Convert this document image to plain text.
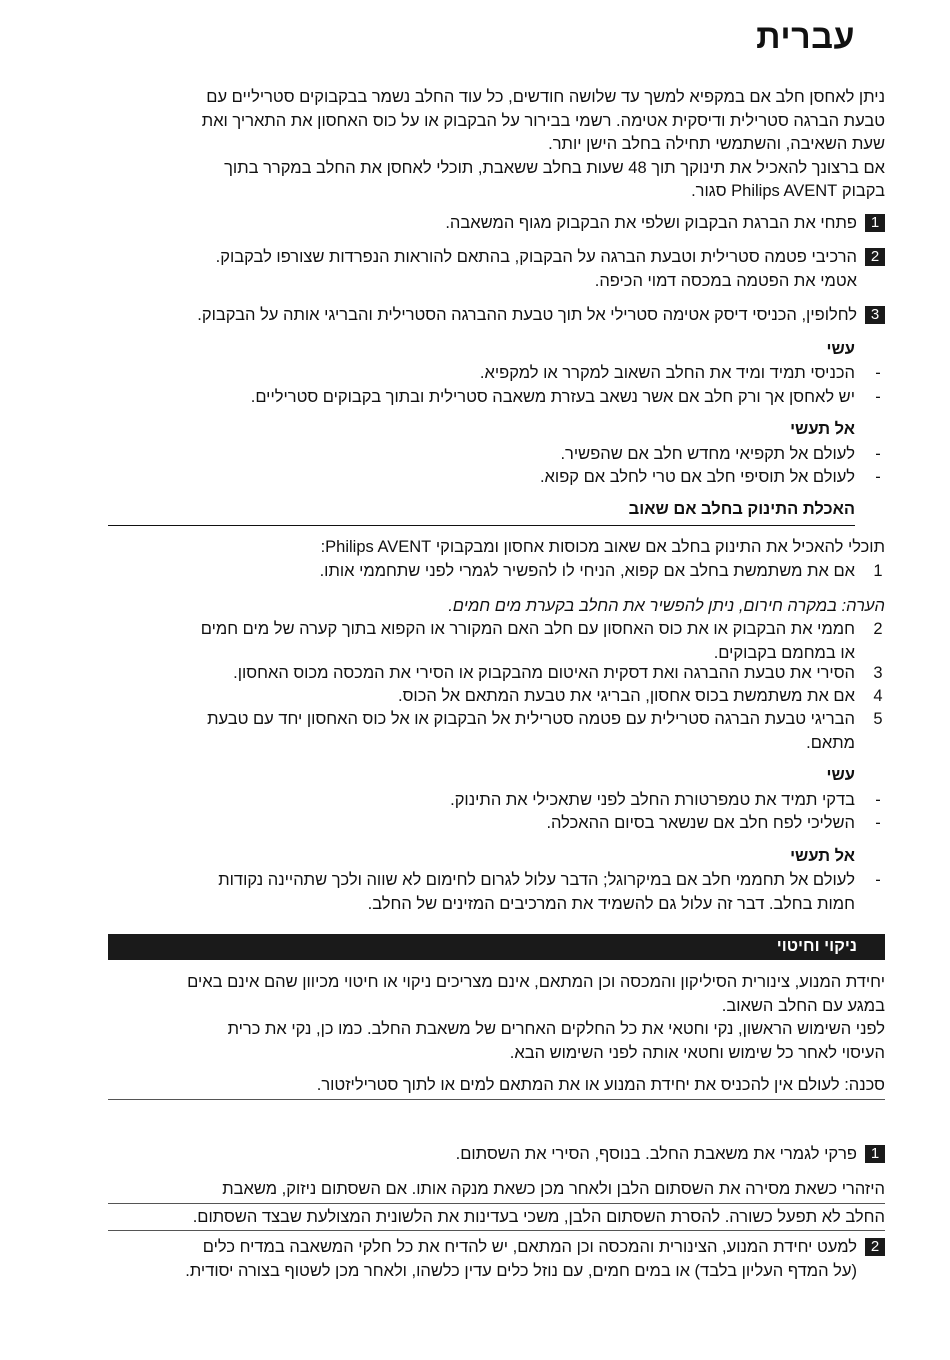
עברית

ניתן לאחסן חלב אם במקפיא למשך עד שלושה חודשים, כל עוד החלב נשמר בבקבוקים סטריליים עם

טבעת הברגה סטרילית ודיסקית אטימה. רשמי בבירור על הבקבוק או על כוס האחסון את התאריך ואת

שעת השאיבה, והשתמשי תחילה בחלב הישן יותר.

אם ברצונך להאכיל את תינוקך תוך 48 שעות בחלב ששאבת, תוכלי לאחסן את החלב במקרר בתוך

בקבוק Philips AVENT סגור.

1

פתחי את הברגת הבקבוק ושלפי את הבקבוק מגוף המשאבה.

2

הרכיבי פטמה סטרילית וטבעת הברגה על הבקבוק, בהתאם להוראות הנפרדות שצורפו לבקבוק.

אטמי את הפטמה במכסה דמוי הכיפה.

3

לחלופין, הכניסי דיסק אטימה סטרילי אל תוך טבעת ההברגה הסטרילית והבריגי אותה על הבקבוק.

עשי
-
הכניסי תמיד ומיד את החלב השאוב למקרר או למקפיא.
-
יש לאחסן אך ורק חלב אם אשר נשאב בעזרת משאבה סטרילית ובתוך בקבוקים סטריליים.
אל תעשי
-
לעולם אל תקפיאי מחדש חלב אם שהפשיר.
-
לעולם אל תוסיפי חלב אם טרי לחלב אם קפוא.
האכלת התינוק בחלב אם שאוב
תוכלי להאכיל את התינוק בחלב אם שאוב מכוסות אחסון ומבקבוקי Philips AVENT:
1
אם את משתמשת בחלב אם קפוא, הניחי לו להפשיר לגמרי לפני שתחממי אותו.
הערה: במקרה חירום, ניתן להפשיר את החלב בקערת מים חמים.
2

חממי את הבקבוק או את כוס האחסון עם חלב האם המקורר או הקפוא בתוך קערה של מים חמים

או במחמם בקבוקים.

3
הסירי את טבעת ההברגה ואת דסקית האיטום מהבקבוק או הסירי את המכסה מכוס האחסון.
4
אם את משתמשת בכוס אחסון, הבריגי את טבעת המתאם אל הכוס.
5

הבריגי טבעת הברגה סטרילית עם פטמה סטרילית אל הבקבוק או אל כוס האחסון יחד עם טבעת

מתאם.

עשי
-
בדקי תמיד את טמפרטורת החלב לפני שתאכילי את התינוק.
-
השליכי לפח חלב אם שנשאר בסיום ההאכלה.
אל תעשי
-

לעולם אל תחממי חלב אם במיקרוגל; הדבר עלול לגרום לחימום לא שווה ולכך שתהיינה נקודות

חמות בחלב. דבר זה עלול גם להשמיד את המרכיבים המזינים של החלב.

ניקוי וחיטוי

יחידת המנוע, צינורית הסיליקון והמכסה וכן המתאם, אינם מצריכים ניקוי או חיטוי מכיוון שהם אינם באים

במגע עם החלב השאוב.

לפני השימוש הראשון, נקי וחטאי את כל החלקים האחרים של משאבת החלב. כמו כן, נקי את כרית

העיסוי לאחר כל שימוש וחטאי אותה לפני השימוש הבא.

סכנה: לעולם אין להכניס את יחידת המנוע או את המתאם למים או לתוך סטריליזטור.
1
פרקי לגמרי את משאבת החלב. בנוסף, הסירי את השסתום.
היזהרי כשאת מסירה את השסתום הלבן ולאחר מכן כשאת מנקה אותו. אם השסתום ניזוק, משאבת
החלב לא תפעל כשורה. להסרת השסתום הלבן, משכי בעדינות את הלשונית המצולעת שבצד השסתום.
2

למעט יחידת המנוע, הצינורית והמכסה וכן המתאם, יש להדיח את כל חלקי המשאבה במדיח כלים

(על המדף העליון בלבד) או במים חמים, עם נוזל כלים עדין כלשהו, ולאחר מכן לשטוף בצורה יסודית.
